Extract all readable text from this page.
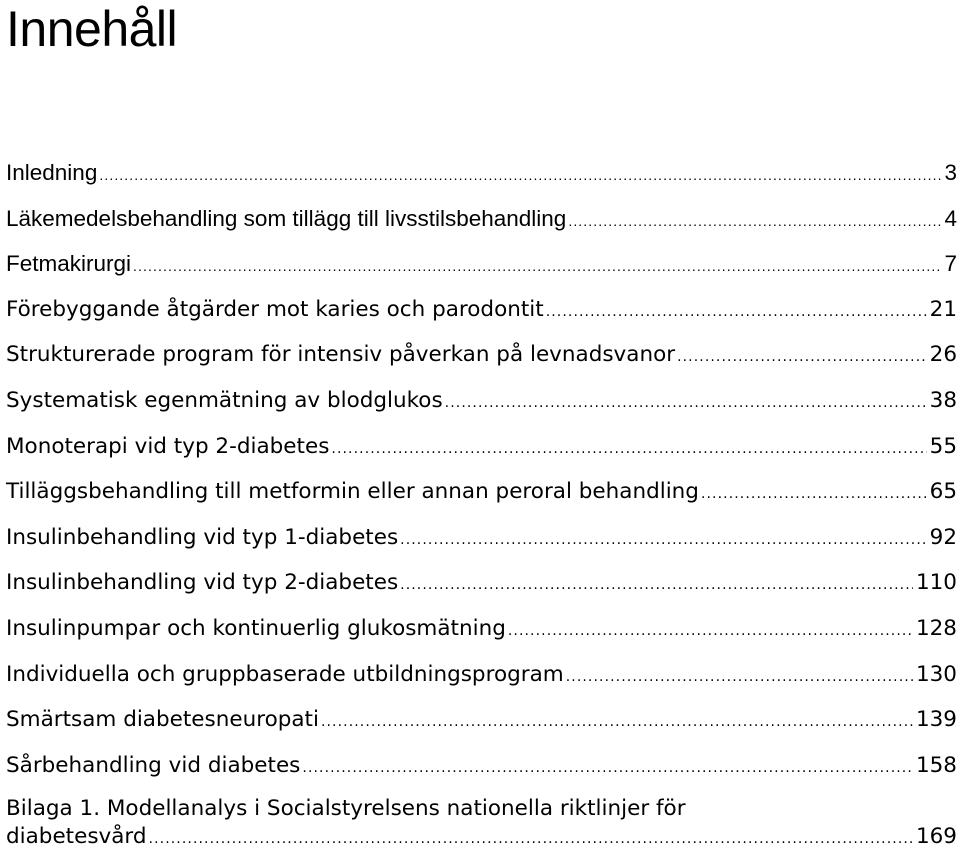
Innehåll
Inledning .....	3
Läkemedelsbehandling som tillägg till livsstilsbehandling .....	4
Fetmakirurgi .....	7
Förebyggande åtgärder mot karies och parodontit .....	21
Strukturerade program för intensiv påverkan på levnadsvanor .....	26
Systematisk egenmätning av blodglukos .....	38
Monoterapi vid typ 2-diabetes .....	55
Tilläggsbehandling till metformin eller annan peroral behandling .....	65
Insulinbehandling vid typ 1-diabetes .....	92
Insulinbehandling vid typ 2-diabetes .....	110
Insulinpumpar och kontinuerlig glukosmätning .....	128
Individuella och gruppbaserade utbildningsprogram .....	130
Smärtsam diabetesneuropati .....	139
Sårbehandling vid diabetes .....	158
Bilaga 1. Modellanalys i Socialstyrelsens nationella riktlinjer för
diabetesvård .....	169
